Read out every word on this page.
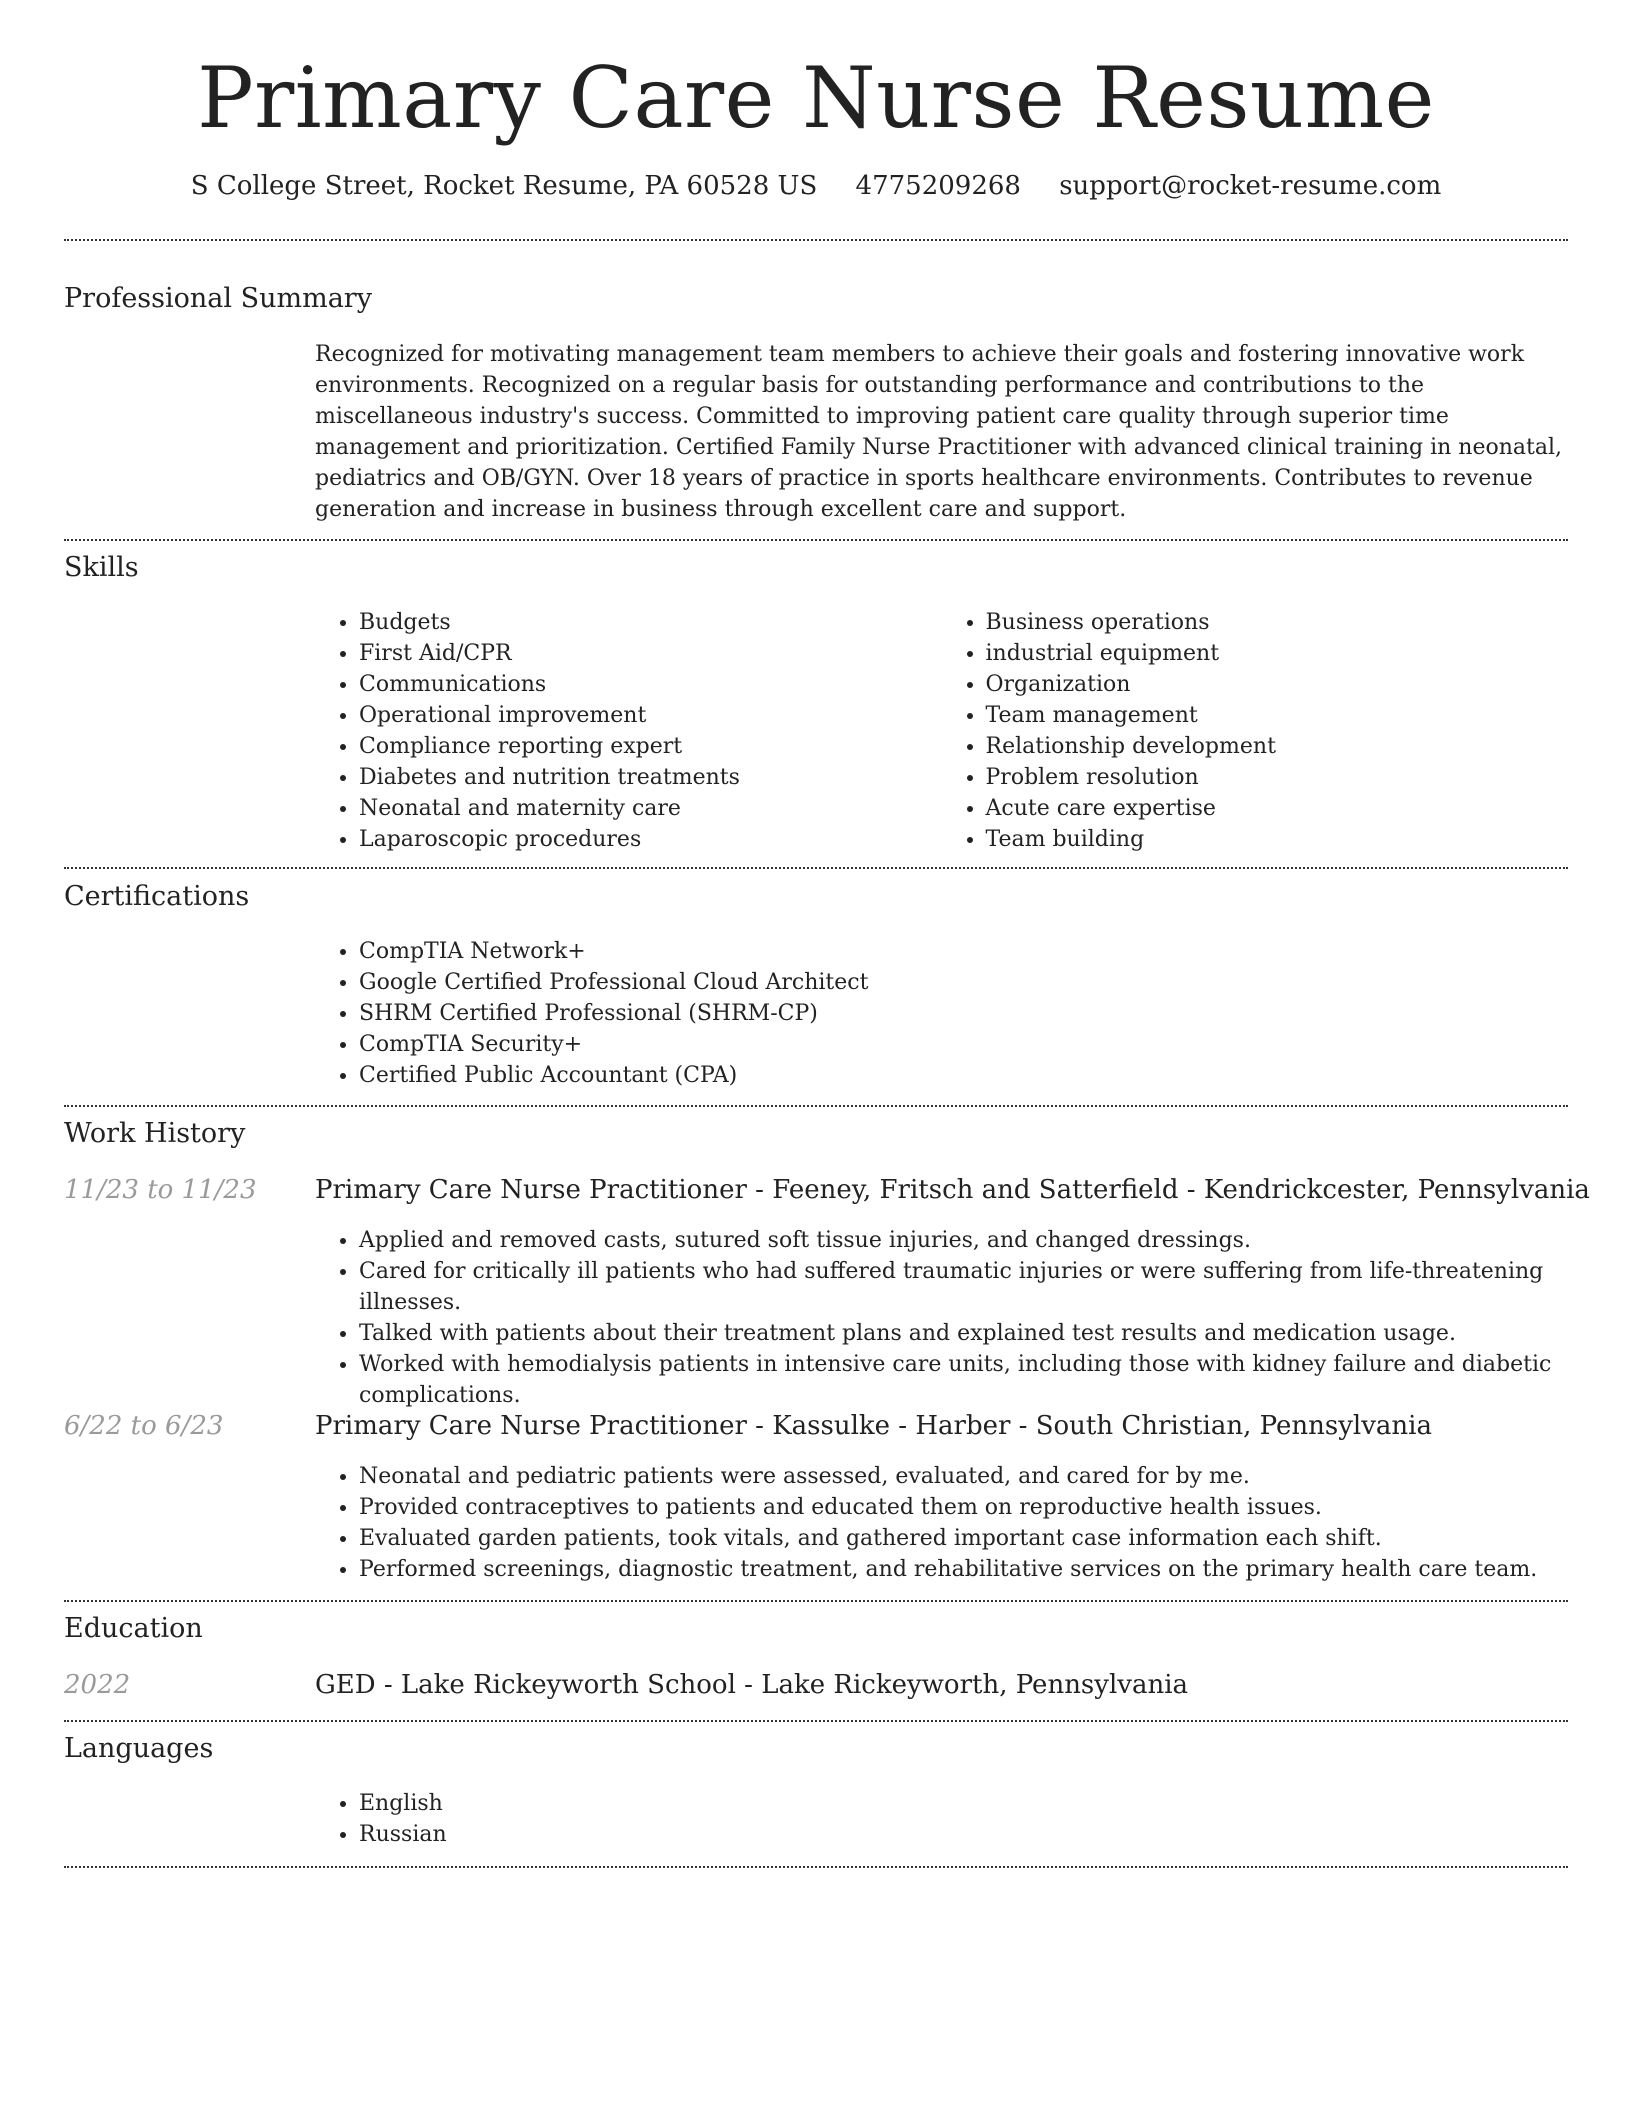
Primary Care Nurse Resume
S College Street, Rocket Resume, PA 60528 US 4775209268 support@rocket-resume.com
Professional Summary

Recognized for motivating management team members to achieve their goals and fostering innovative work environments. Recognized on a regular basis for outstanding performance and contributions to the miscellaneous industry's success. Committed to improving patient care quality through superior time management and prioritization. Certified Family Nurse Practitioner with advanced clinical training in neonatal, pediatrics and OB/GYN. Over 18 years of practice in sports healthcare environments. Contributes to revenue generation and increase in business through excellent care and support.

Skills
• Budgets
• First Aid/CPR
• Communications
• Operational improvement
• Compliance reporting expert
• Diabetes and nutrition treatments
• Neonatal and maternity care
• Laparoscopic procedures
• Business operations
• industrial equipment
• Organization
• Team management
• Relationship development
• Problem resolution
• Acute care expertise
• Team building
Certifications
• CompTIA Network+
• Google Certified Professional Cloud Architect
• SHRM Certified Professional (SHRM-CP)
• CompTIA Security+
• Certified Public Accountant (CPA)
Work History
11/23 to 11/23 Primary Care Nurse Practitioner - Feeney, Fritsch and Satterfield - Kendrickcester, Pennsylvania
• Applied and removed casts, sutured soft tissue injuries, and changed dressings.
• Cared for critically ill patients who had suffered traumatic injuries or were suffering from life-threatening illnesses.
• Talked with patients about their treatment plans and explained test results and medication usage.
• Worked with hemodialysis patients in intensive care units, including those with kidney failure and diabetic complications.
6/22 to 6/23	Primary Care Nurse Practitioner - Kassulke - Harber - South Christian, Pennsylvania
• Neonatal and pediatric patients were assessed, evaluated, and cared for by me.
• Provided contraceptives to patients and educated them on reproductive health issues.
• Evaluated garden patients, took vitals, and gathered important case information each shift.
• Performed screenings, diagnostic treatment, and rehabilitative services on the primary health care team.
Education
2022	GED - Lake Rickeyworth School - Lake Rickeyworth, Pennsylvania
Languages
• English
• Russian
